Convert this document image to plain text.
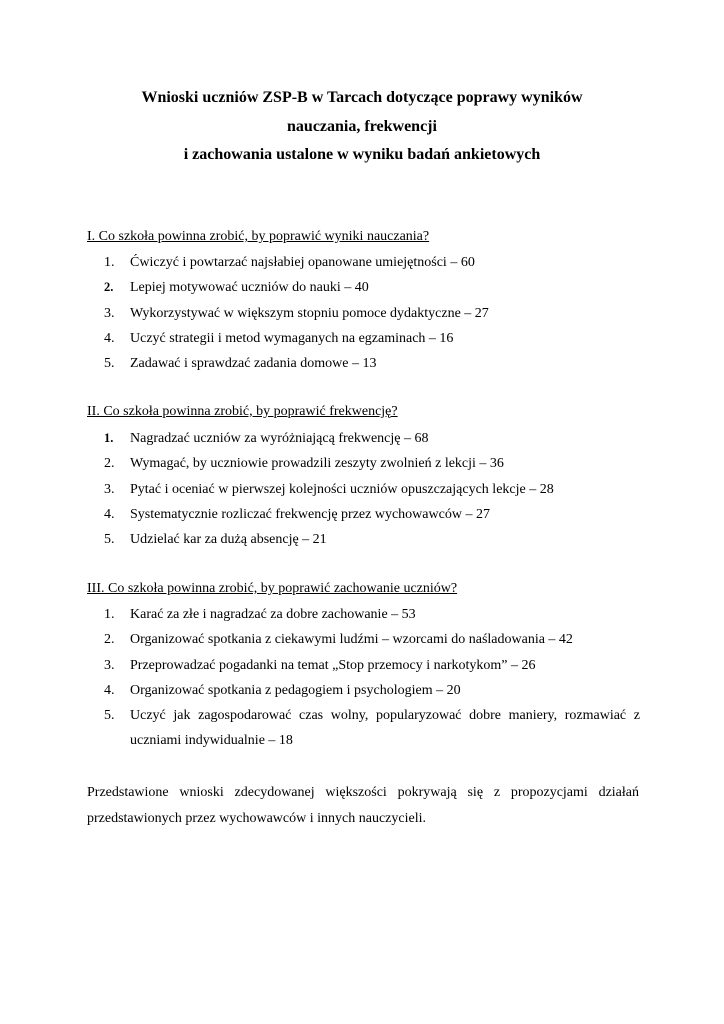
Wnioski uczniów ZSP-B w Tarcach dotyczące poprawy wyników
nauczania, frekwencji
i zachowania ustalone w wyniku badań ankietowych
I. Co szkoła powinna zrobić, by poprawić wyniki nauczania?
1.	Ćwiczyć i powtarzać najsłabiej opanowane umiejętności – 60
2.	Lepiej motywować uczniów do nauki – 40
3.	Wykorzystywać w większym stopniu pomoce dydaktyczne – 27
4.	Uczyć strategii i metod wymaganych na egzaminach – 16
5.	Zadawać i sprawdzać zadania domowe – 13
II. Co szkoła powinna zrobić, by poprawić frekwencję?
1.	Nagradzać uczniów za wyróżniającą frekwencję – 68
2.	Wymagać, by uczniowie prowadzili zeszyty zwolnień z lekcji – 36
3.	Pytać i oceniać w pierwszej kolejności uczniów opuszczających lekcje – 28
4.	Systematycznie rozliczać frekwencję przez wychowawców – 27
5.	Udzielać kar za dużą absencję – 21
III. Co szkoła powinna zrobić, by poprawić zachowanie uczniów?
1.	Karać za złe i nagradzać za dobre zachowanie – 53
2.	Organizować spotkania z ciekawymi ludźmi – wzorcami do naśladowania – 42
3.	Przeprowadzać pogadanki na temat „Stop przemocy i narkotykom” – 26
4.	Organizować spotkania z pedagogiem i psychologiem – 20
5.	Uczyć jak zagospodarować czas wolny, popularyzować dobre maniery, rozmawiać z uczniami indywidualnie – 18

Przedstawione wnioski zdecydowanej większości pokrywają się z propozycjami działań przedstawionych przez wychowawców i innych nauczycieli.
